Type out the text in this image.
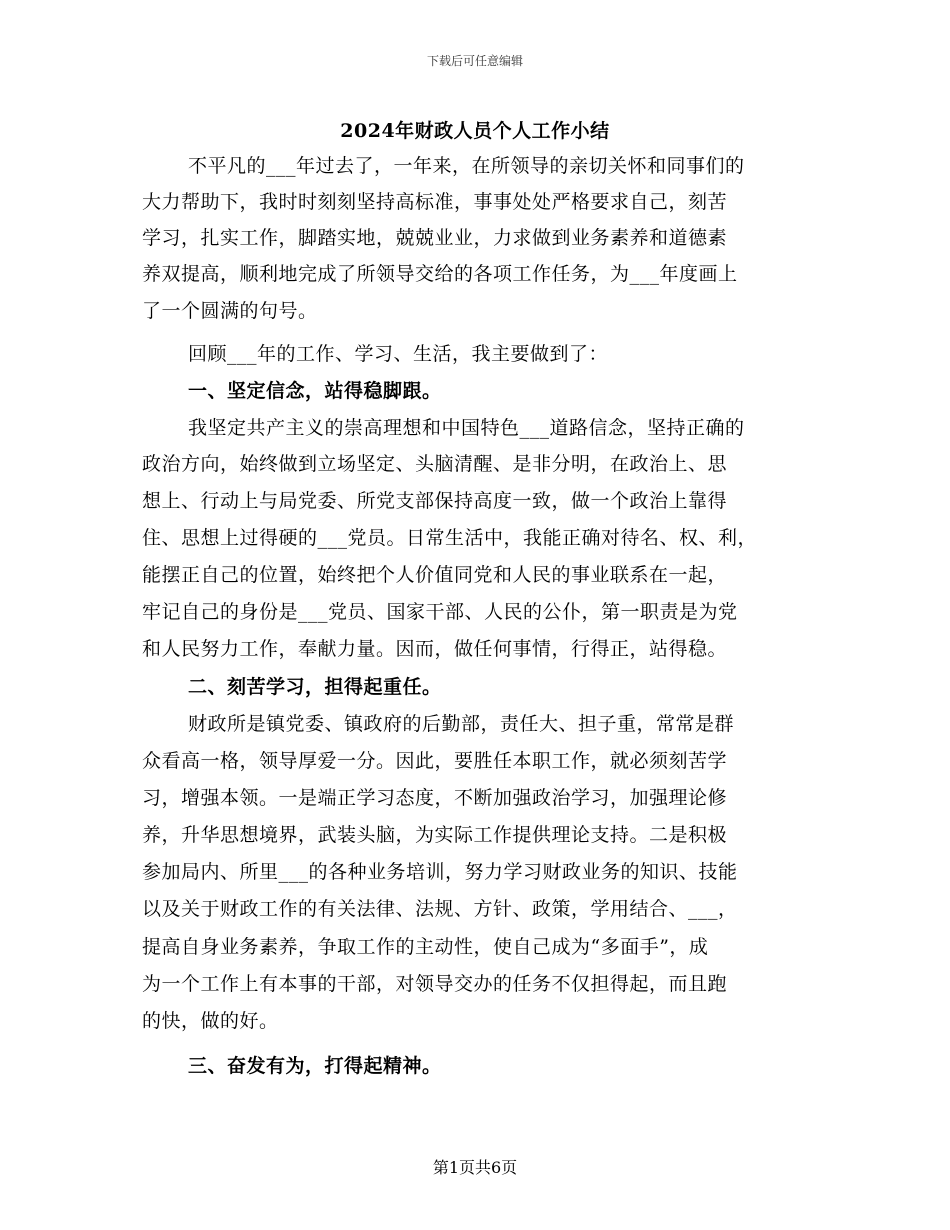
下载后可任意编辑
2024年财政人员个人工作小结
不平凡的___年过去了，一年来，在所领导的亲切关怀和同事们的
大力帮助下，我时时刻刻坚持高标准，事事处处严格要求自己，刻苦
学习，扎实工作，脚踏实地，兢兢业业，力求做到业务素养和道德素
养双提高，顺利地完成了所领导交给的各项工作任务，为___年度画上
了一个圆满的句号。
回顾___年的工作、学习、生活，我主要做到了：
一、坚定信念，站得稳脚跟。
我坚定共产主义的崇高理想和中国特色___道路信念，坚持正确的
政治方向，始终做到立场坚定、头脑清醒、是非分明，在政治上、思
想上、行动上与局党委、所党支部保持高度一致，做一个政治上靠得
住、思想上过得硬的___党员。日常生活中，我能正确对待名、权、利，
能摆正自己的位置，始终把个人价值同党和人民的事业联系在一起，
牢记自己的身份是___党员、国家干部、人民的公仆，第一职责是为党
和人民努力工作，奉献力量。因而，做任何事情，行得正，站得稳。
二、刻苦学习，担得起重任。
财政所是镇党委、镇政府的后勤部，责任大、担子重，常常是群
众看高一格，领导厚爱一分。因此，要胜任本职工作，就必须刻苦学
习，增强本领。一是端正学习态度，不断加强政治学习，加强理论修
养，升华思想境界，武装头脑，为实际工作提供理论支持。二是积极
参加局内、所里___的各种业务培训，努力学习财政业务的知识、技能
以及关于财政工作的有关法律、法规、方针、政策，学用结合、___，
提高自身业务素养，争取工作的主动性，使自己成为“多面手”，成
为一个工作上有本事的干部，对领导交办的任务不仅担得起，而且跑
的快，做的好。
三、奋发有为，打得起精神。
第1页共6页
